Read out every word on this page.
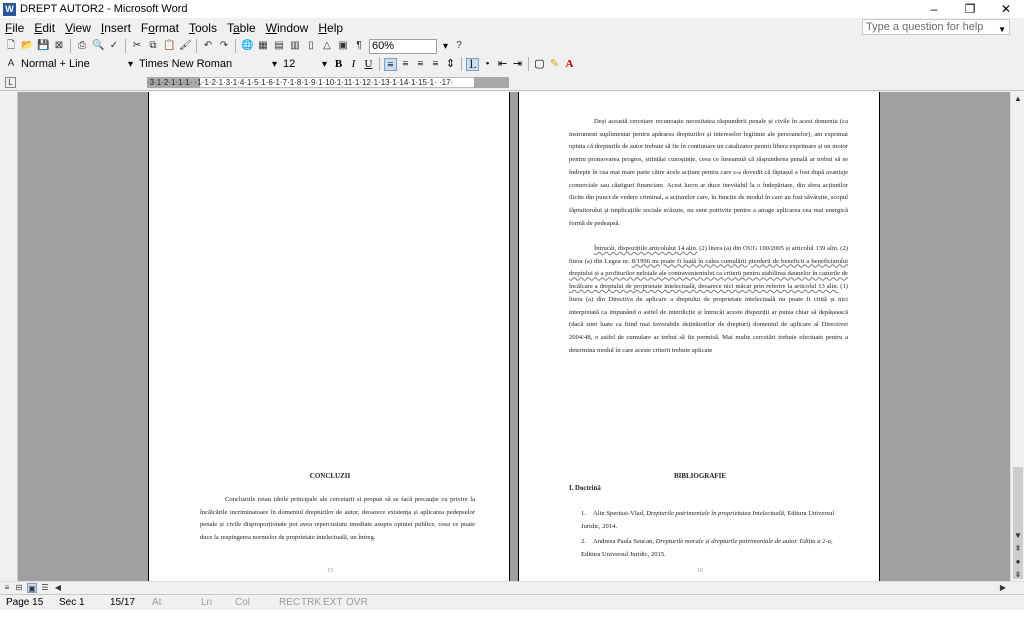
W DREPT AUTOR2 - Microsoft Word	–	❐	✕
File Edit View Insert Format Tools Table Window Help	Type a question for help ▼
🗋 📂 💾 ⊠ ⎙ 🔍 ✓ ✂ ⧉ 📋 🖌 ↶ ↷ 🌐 ▦ ▤ ▥ ▯ △ ▣ ¶ 60% ▾	?
A Normal + Line ▾	Times New Roman ▾	12 ▾	B I U	≡ ≡ ≡ ≡ ⇕ ⒈ • ⇤ ⇥ ▢ ✎ A
L	·3·1·2·1·1·1· ·1·1·2·1·3·1·4·1·5·1·6·1·7·1·8·1·9·1·10·1·11·1·12·1·13·1·14·1·15·1· ·17·
CONCLUZII
Concluziile reiau ideile principale ale cercetarii si propun să se facă precauție cu privire la încălcările incriminatoare în domeniul drepturilor de autor, deoarece existența și aplicarea pedepselor penale și civile disproporționate pot avea repercusiuni imediate asupra opiniei publice, ceea ce poate duce la respingerea normelor de proprietate intelectuală, un întreg.
15
Deși această cercetare recunoaște necesitatea răspunderii penale și civile în acest domeniu (ca instrument suplimentar pentru apărarea drepturilor și intereselor legitime ale persoanelor), am exprimat opinia că drepturile de autor trebuie să fie în continuare un catalizator pentru libera exprimare și un motor pentru promovarea progres, științăși cunoștințe, ceea ce înseamnă că răspunderea penală ar trebui să se îndrepte în cea mai mare parte către acele acțiuni pentru care s-a dovedit că făptașul a fost după avantaje comerciale sau câștiguri financiare. Acest lucru ar duce inevitabil la o îndepărtare, din sfera acțiunilor ilicite din punct de vedere criminal, a acțiunilor care, în funcție de modul în care au fost săvârșite, scopul făptuitorului și implicațiile sociale scăzute, nu sunt potrivite pentru a atrage aplicarea cea mai energică formă de pedeapsă.
Întrucât, dispozițiile articolului 14 alin. (2) litera (a) din OUG 100/2005 și articolul 139 alin. (2) litera (a) din Legea nr. 8/1996 nu poate fi luată în calea cumulării pierderii de beneficii a beneficiarului dreptului și a profiturilor neloiale ale contravenientului ca criterii pentru stabilirea daunelor în cazurile de încălcare a dreptului de proprietate intelectuală, deoarece nici măcar prin referire la articolul 13 alin. (1) litera (a) din Directiva de aplicare a dreptului de proprietate intelectuală nu poate fi citită și nici interpretată ca impunând o astfel de interdicție și întrucât aceste dispoziții ar putea chiar să depășească (dacă sunt luate ca fiind mai favorabile deținătorilor de drepturi) domeniul de aplicare al Directivei 2004/48, o astfel de cumulare ar trebui să fie permisă. Mai multe cercetări trebuie efectuate pentru a determina modul în care aceste criterii trebuie aplicate
BIBLIOGRAFIE
I. Doctrină
1. Alin Speriusi-Vlad, Drepturile patrimoniale în proprietatea Intelectuală, Editura Universul Juridic, 2014.
2. Andreea Paula Seucan, Drepturile morale și drepturile patrimoniale de autor. Ediția a 2-a, Editura Universul Juridic, 2015.
16
▲
▼
⇞
●
⇟
≡ ⊟ ▣ ☰ ◀	▶
Page 15 Sec 1	15/17 At	Ln Col	REC TRK EXT OVR
